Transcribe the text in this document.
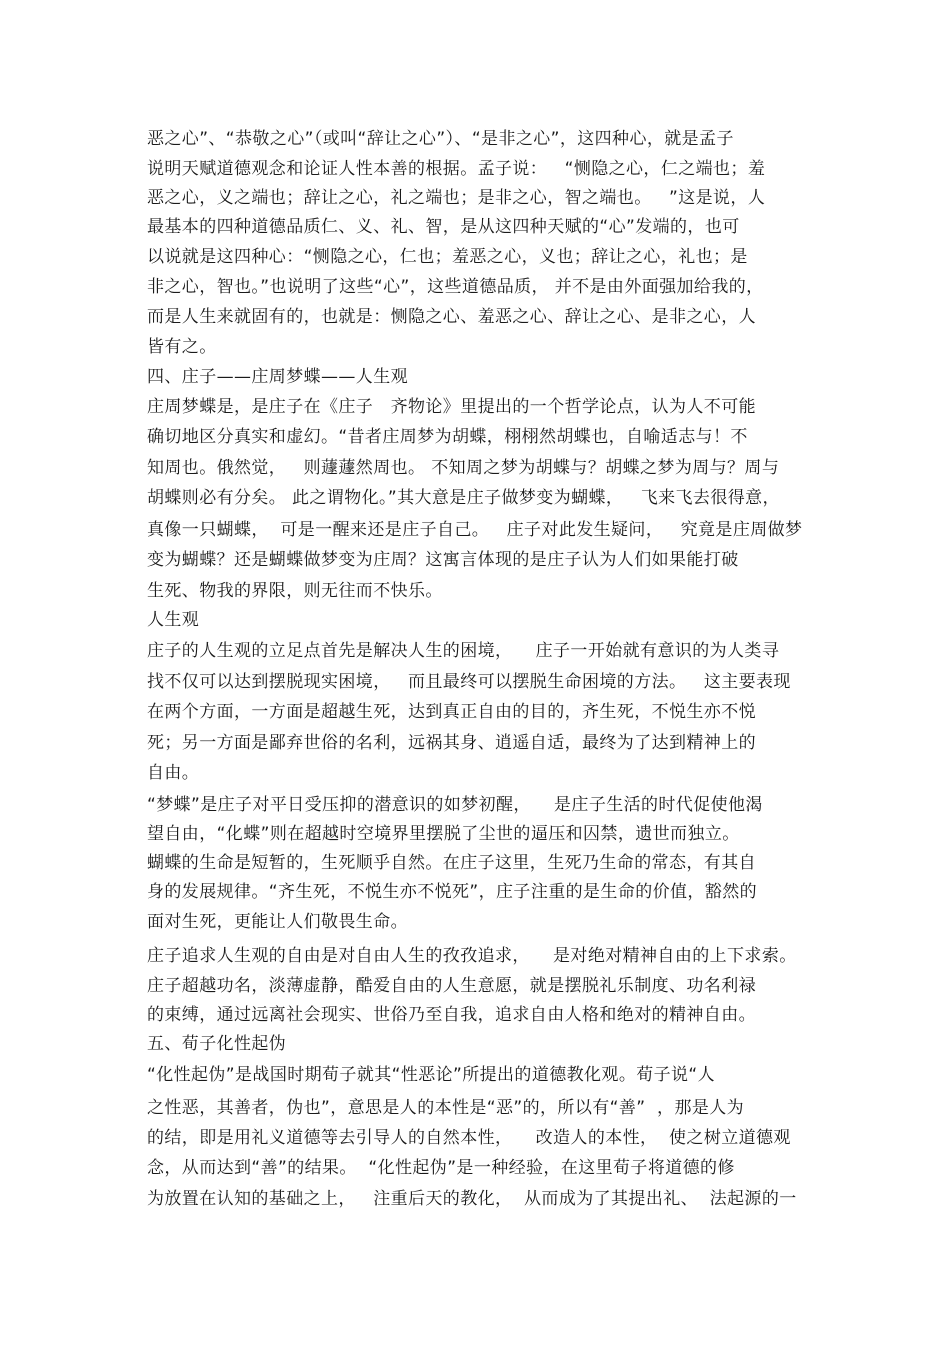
恶之心”、“恭敬之心”（或叫“辞让之心”）、“是非之心”，这四种心，就是孟子
说明天赋道德观念和论证人性本善的根据。孟子说：   “恻隐之心，仁之端也；羞
恶之心，义之端也；辞让之心，礼之端也；是非之心，智之端也。   ”这是说，人
最基本的四种道德品质仁、义、礼、智，是从这四种天赋的“心”发端的，也可
以说就是这四种心：“恻隐之心，仁也；羞恶之心，义也；辞让之心，礼也；是
非之心，智也。”也说明了这些“心”，这些道德品质， 并不是由外面强加给我的，
而是人生来就固有的，也就是：恻隐之心、羞恶之心、辞让之心、是非之心，人
皆有之。
四、庄子——庄周梦蝶——人生观
庄周梦蝶是，是庄子在《庄子   齐物论》里提出的一个哲学论点，认为人不可能
确切地区分真实和虚幻。“昔者庄周梦为胡蝶，栩栩然胡蝶也，自喻适志与！不
知周也。俄然觉，   则蘧蘧然周也。 不知周之梦为胡蝶与？胡蝶之梦为周与？周与
胡蝶则必有分矣。 此之谓物化。”其大意是庄子做梦变为蝴蝶，   飞来飞去很得意，
真像一只蝴蝶，  可是一醒来还是庄子自己。   庄子对此发生疑问，   究竟是庄周做梦
变为蝴蝶？还是蝴蝶做梦变为庄周？这寓言体现的是庄子认为人们如果能打破
生死、物我的界限，则无往而不快乐。
人生观
庄子的人生观的立足点首先是解决人生的困境，    庄子一开始就有意识的为人类寻
找不仅可以达到摆脱现实困境，   而且最终可以摆脱生命困境的方法。   这主要表现
在两个方面，一方面是超越生死，达到真正自由的目的，齐生死，不悦生亦不悦
死；另一方面是鄙弃世俗的名利，远祸其身、逍遥自适，最终为了达到精神上的
自由。
“梦蝶”是庄子对平日受压抑的潜意识的如梦初醒，    是庄子生活的时代促使他渴
望自由，“化蝶”则在超越时空境界里摆脱了尘世的逼压和囚禁，遗世而独立。
蝴蝶的生命是短暂的，生死顺乎自然。在庄子这里，生死乃生命的常态，有其自
身的发展规律。“齐生死，不悦生亦不悦死”，庄子注重的是生命的价值，豁然的
面对生死，更能让人们敬畏生命。
庄子追求人生观的自由是对自由人生的孜孜追求，    是对绝对精神自由的上下求索。
庄子超越功名，淡薄虚静，酷爱自由的人生意愿，就是摆脱礼乐制度、功名利禄
的束缚，通过远离社会现实、世俗乃至自我，追求自由人格和绝对的精神自由。
五、荀子化性起伪
“化性起伪”是战国时期荀子就其“性恶论”所提出的道德教化观。荀子说“人
之性恶，其善者，伪也”，意思是人的本性是“恶”的，所以有“善”  ，那是人为
的结，即是用礼义道德等去引导人的自然本性，    改造人的本性，  使之树立道德观
念，从而达到“善”的结果。  “化性起伪”是一种经验，在这里荀子将道德的修
为放置在认知的基础之上，   注重后天的教化，  从而成为了其提出礼、  法起源的一
